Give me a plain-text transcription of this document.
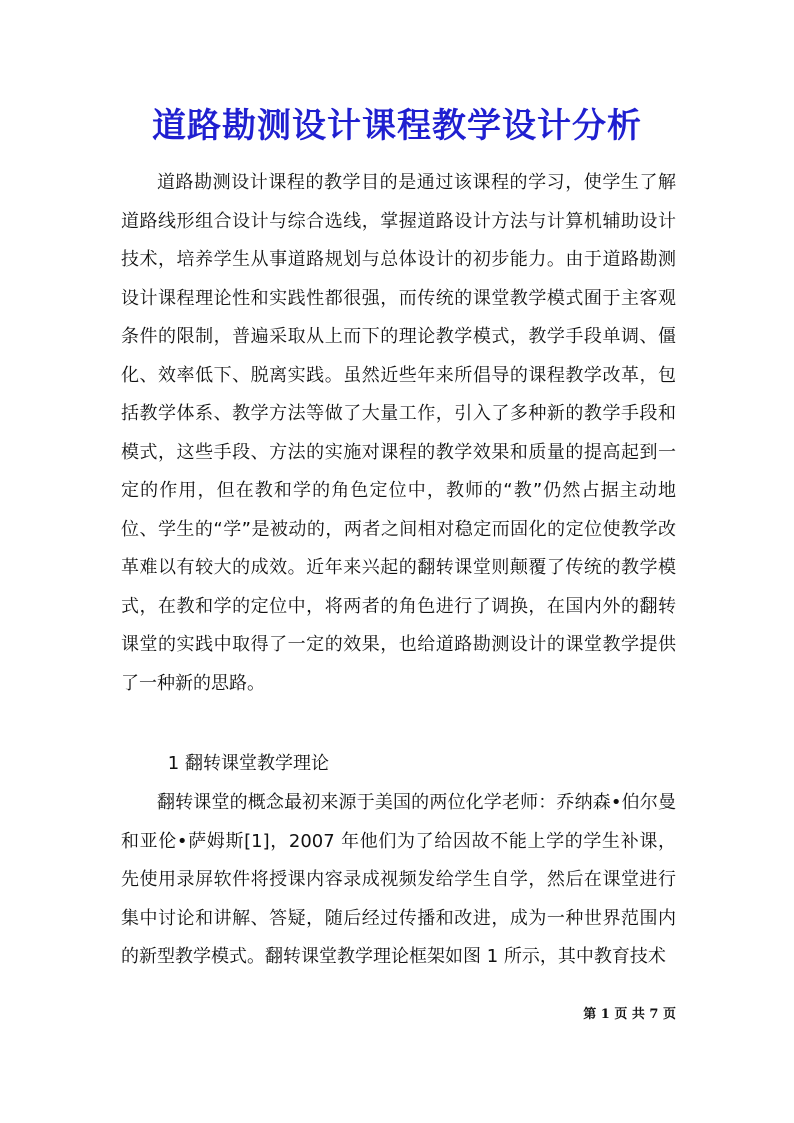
道路勘测设计课程教学设计分析

道路勘测设计课程的教学目的是通过该课程的学习，使学生了解道路线形组合设计与综合选线，掌握道路设计方法与计算机辅助设计技术，培养学生从事道路规划与总体设计的初步能力。由于道路勘测设计课程理论性和实践性都很强，而传统的课堂教学模式囿于主客观条件的限制，普遍采取从上而下的理论教学模式，教学手段单调、僵化、效率低下、脱离实践。虽然近些年来所倡导的课程教学改革，包括教学体系、教学方法等做了大量工作，引入了多种新的教学手段和模式，这些手段、方法的实施对课程的教学效果和质量的提高起到一定的作用，但在教和学的角色定位中，教师的“教”仍然占据主动地位、学生的“学”是被动的，两者之间相对稳定而固化的定位使教学改革难以有较大的成效。近年来兴起的翻转课堂则颠覆了传统的教学模式，在教和学的定位中，将两者的角色进行了调换，在国内外的翻转课堂的实践中取得了一定的效果，也给道路勘测设计的课堂教学提供了一种新的思路。

1 翻转课堂教学理论

翻转课堂的概念最初来源于美国的两位化学老师：乔纳森•伯尔曼和亚伦•萨姆斯[1]，2007 年他们为了给因故不能上学的学生补课，先使用录屏软件将授课内容录成视频发给学生自学，然后在课堂进行集中讨论和讲解、答疑，随后经过传播和改进，成为一种世界范围内的新型教学模式。翻转课堂教学理论框架如图 1 所示，其中教育技术

第 1 页 共 7 页
